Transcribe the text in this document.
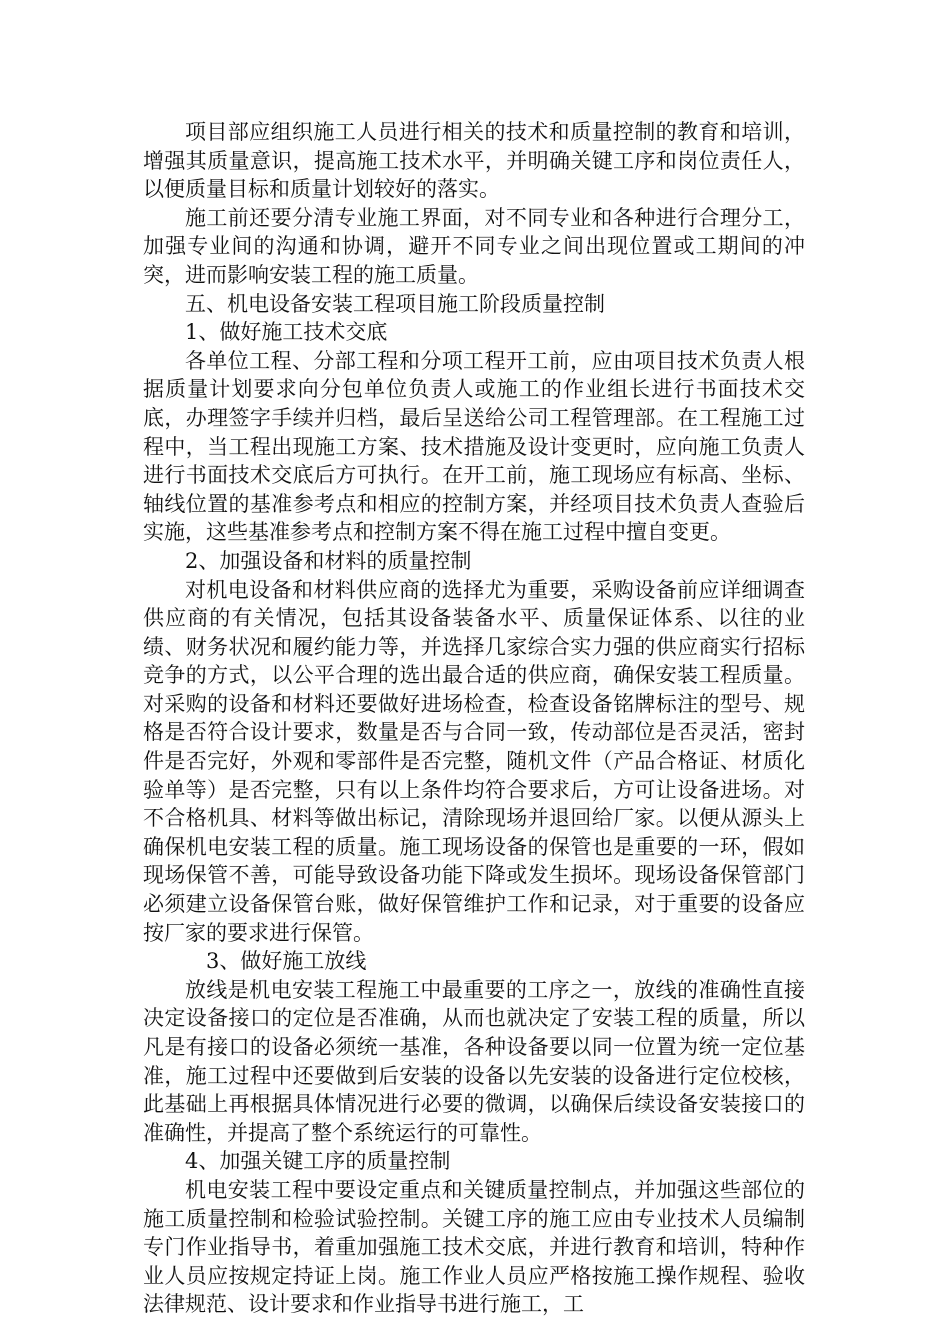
项目部应组织施工人员进行相关的技术和质量控制的教育和培训，增强其质量意识，提高施工技术水平，并明确关键工序和岗位责任人，以便质量目标和质量计划较好的落实。

施工前还要分清专业施工界面，对不同专业和各种进行合理分工，加强专业间的沟通和协调，避开不同专业之间出现位置或工期间的冲突，进而影响安装工程的施工质量。

五、机电设备安装工程项目施工阶段质量控制

1、做好施工技术交底

各单位工程、分部工程和分项工程开工前，应由项目技术负责人根据质量计划要求向分包单位负责人或施工的作业组长进行书面技术交底，办理签字手续并归档，最后呈送给公司工程管理部。在工程施工过程中，当工程出现施工方案、技术措施及设计变更时，应向施工负责人进行书面技术交底后方可执行。在开工前，施工现场应有标高、坐标、轴线位置的基准参考点和相应的控制方案，并经项目技术负责人查验后实施，这些基准参考点和控制方案不得在施工过程中擅自变更。

2、加强设备和材料的质量控制

对机电设备和材料供应商的选择尤为重要，采购设备前应详细调查供应商的有关情况，包括其设备装备水平、质量保证体系、以往的业绩、财务状况和履约能力等，并选择几家综合实力强的供应商实行招标竞争的方式，以公平合理的选出最合适的供应商，确保安装工程质量。对采购的设备和材料还要做好进场检查，检查设备铭牌标注的型号、规格是否符合设计要求，数量是否与合同一致，传动部位是否灵活，密封件是否完好，外观和零部件是否完整，随机文件（产品合格证、材质化验单等）是否完整，只有以上条件均符合要求后，方可让设备进场。对不合格机具、材料等做出标记，清除现场并退回给厂家。以便从源头上确保机电安装工程的质量。施工现场设备的保管也是重要的一环，假如现场保管不善，可能导致设备功能下降或发生损坏。现场设备保管部门必须建立设备保管台账，做好保管维护工作和记录，对于重要的设备应按厂家的要求进行保管。

3、做好施工放线

放线是机电安装工程施工中最重要的工序之一，放线的准确性直接决定设备接口的定位是否准确，从而也就决定了安装工程的质量，所以凡是有接口的设备必须统一基准，各种设备要以同一位置为统一定位基准，施工过程中还要做到后安装的设备以先安装的设备进行定位校核，此基础上再根据具体情况进行必要的微调，以确保后续设备安装接口的准确性，并提高了整个系统运行的可靠性。

4、加强关键工序的质量控制

机电安装工程中要设定重点和关键质量控制点，并加强这些部位的施工质量控制和检验试验控制。关键工序的施工应由专业技术人员编制专门作业指导书，着重加强施工技术交底，并进行教育和培训，特种作业人员应按规定持证上岗。施工作业人员应严格按施工操作规程、验收法律规范、设计要求和作业指导书进行施工，工
